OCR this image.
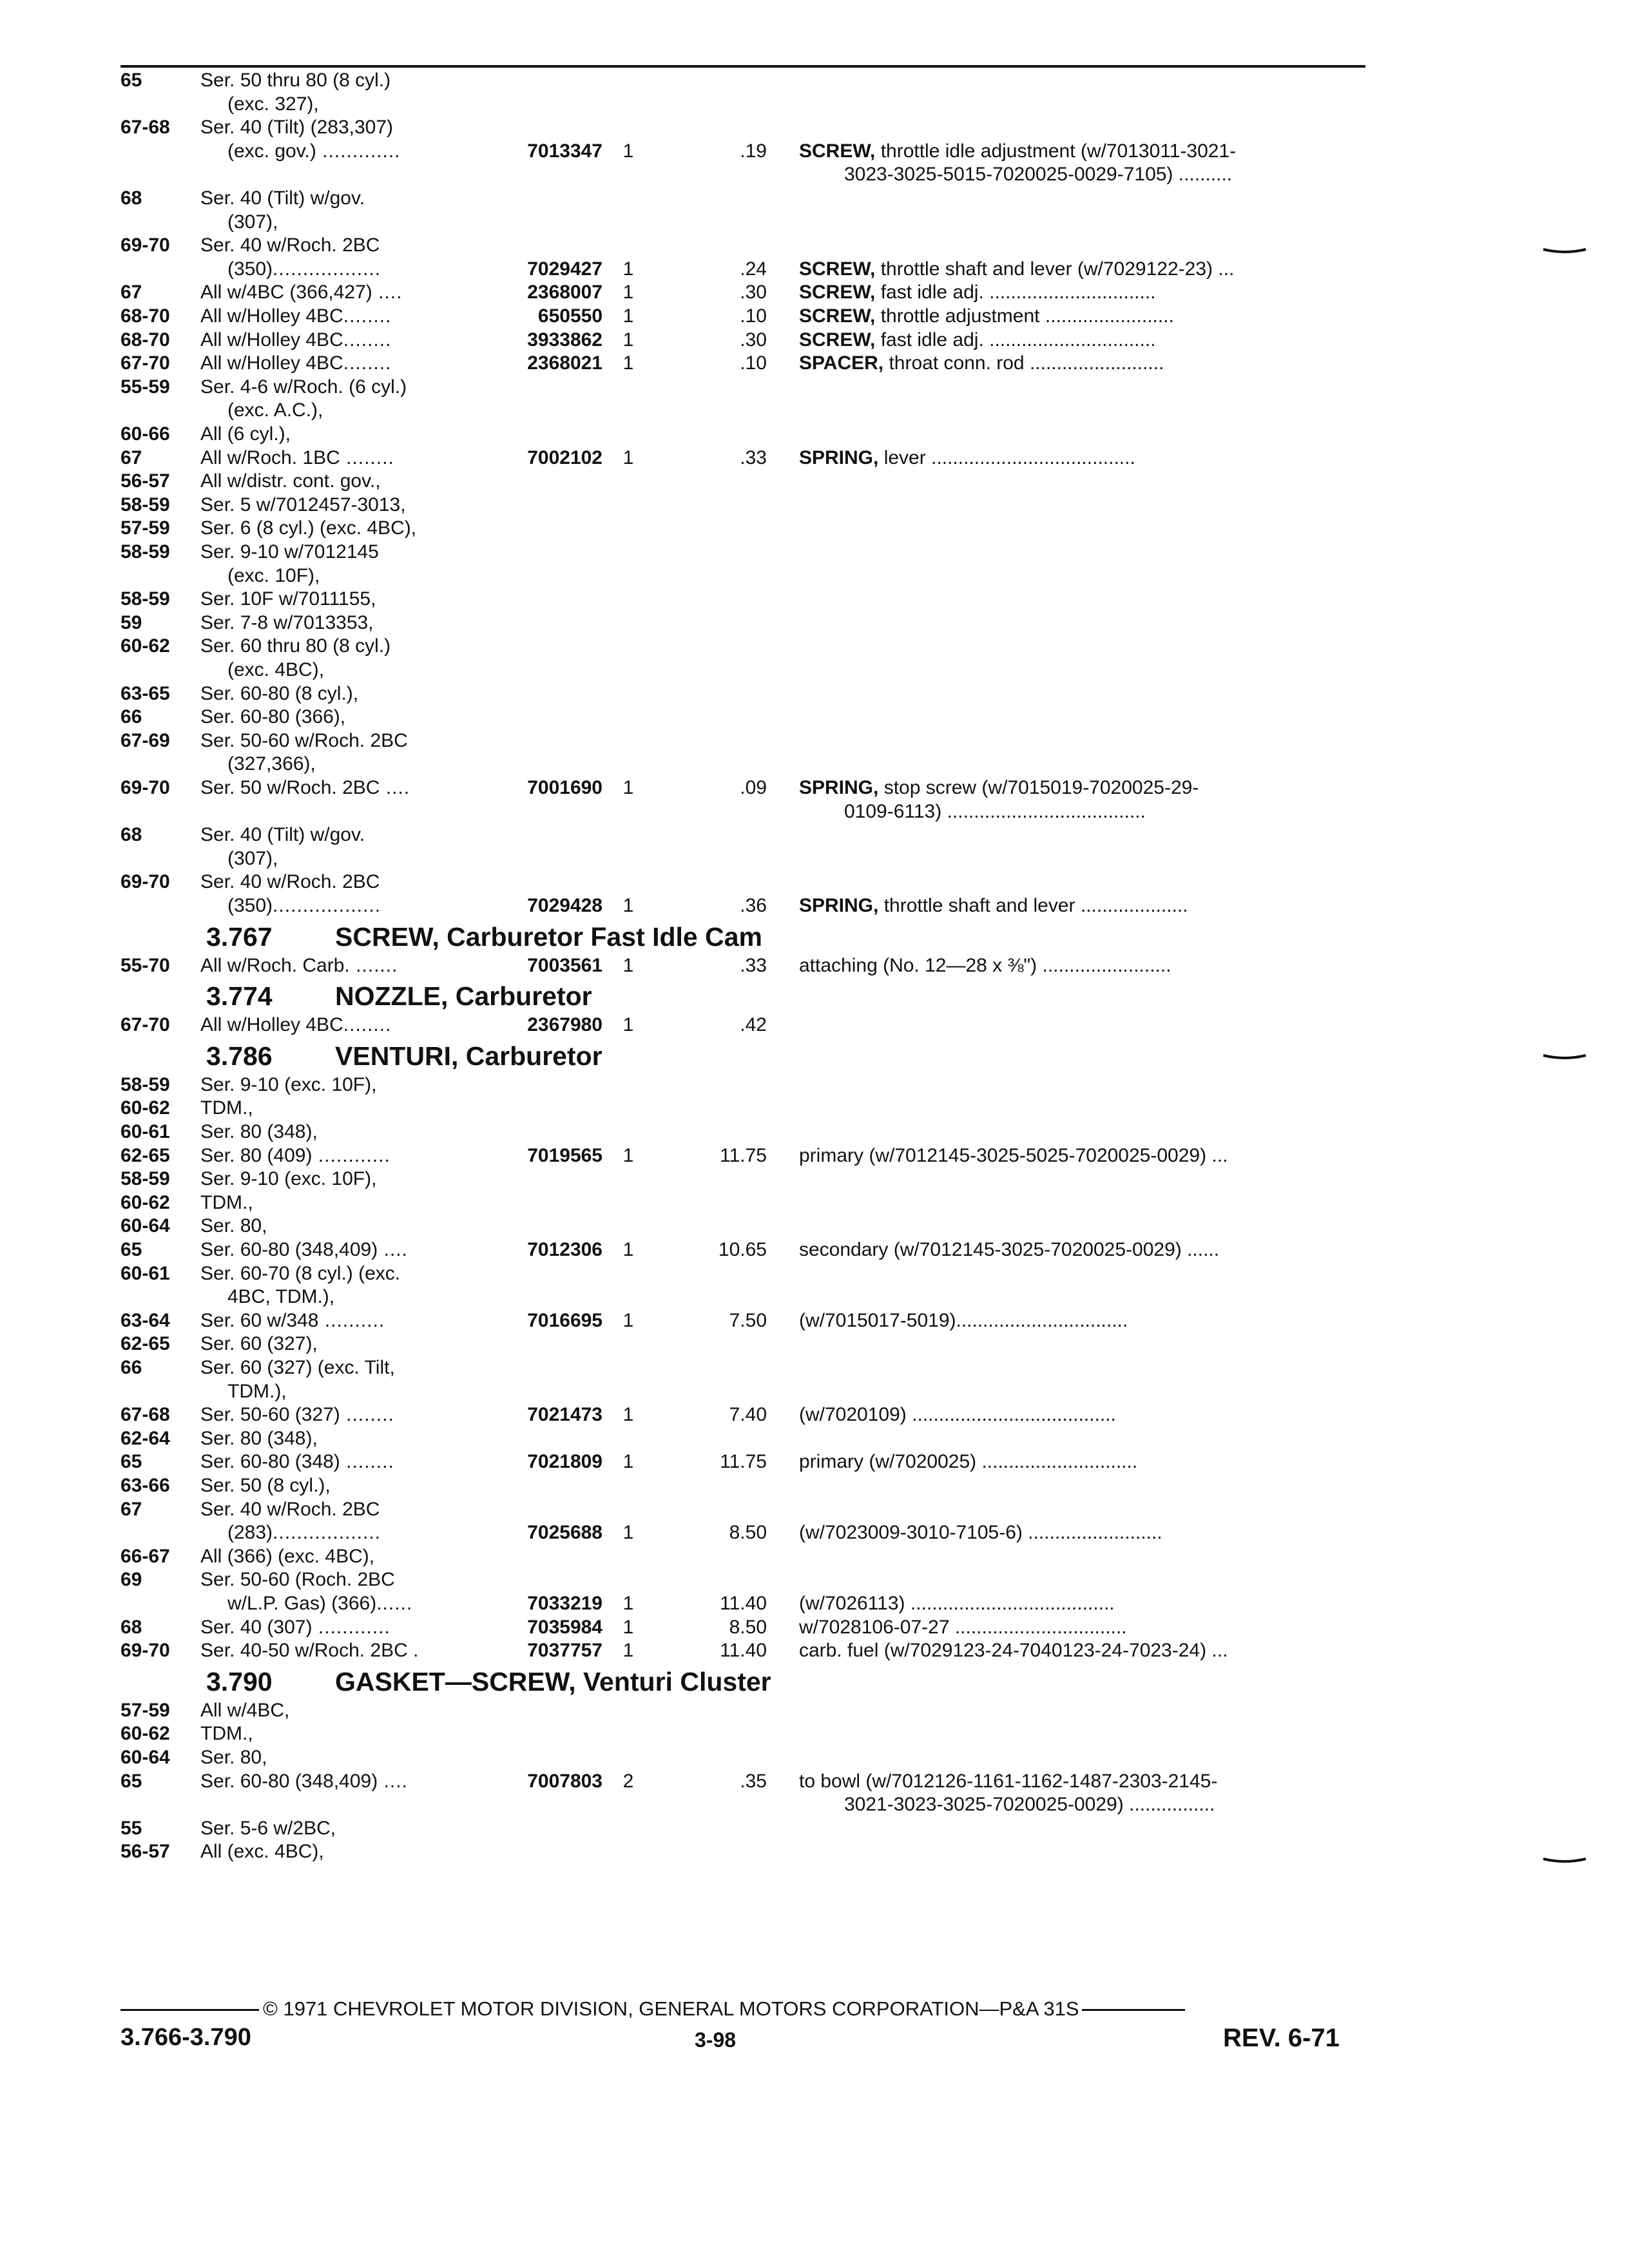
65	Ser. 50 thru 80 (8 cyl.)
(exc. 327),
67-68 Ser. 40 (Tilt) (283,307)
(exc. gov.) .............	7013347	1	.19 SCREW, throttle idle adjustment (w/7013011-3021-
3023-3025-5015-7020025-0029-7105) ..........
68	Ser. 40 (Tilt) w/gov.
(307),
69-70 Ser. 40 w/Roch. 2BC
(350)..................	7029427	1	.24 SCREW, throttle shaft and lever (w/7029122-23) ...
67	All w/4BC (366,427) ....	2368007	1	.30 SCREW, fast idle adj. ...............................
68-70 All w/Holley 4BC........	650550	1	.10 SCREW, throttle adjustment ........................
68-70 All w/Holley 4BC........	3933862	1	.30 SCREW, fast idle adj. ...............................
67-70 All w/Holley 4BC........	2368021	1	.10 SPACER, throat conn. rod .........................
55-59 Ser. 4-6 w/Roch. (6 cyl.)
(exc. A.C.),
60-66 All (6 cyl.),
67	All w/Roch. 1BC ........	7002102	1	.33 SPRING, lever ......................................
56-57 All w/distr. cont. gov.,
58-59 Ser. 5 w/7012457-3013,
57-59 Ser. 6 (8 cyl.) (exc. 4BC),
58-59 Ser. 9-10 w/7012145
(exc. 10F),
58-59 Ser. 10F w/7011155,
59	Ser. 7-8 w/7013353,
60-62 Ser. 60 thru 80 (8 cyl.)
(exc. 4BC),
63-65 Ser. 60-80 (8 cyl.),
66	Ser. 60-80 (366),
67-69 Ser. 50-60 w/Roch. 2BC
(327,366),
69-70 Ser. 50 w/Roch. 2BC ....	7001690	1	.09 SPRING, stop screw (w/7015019-7020025-29-
0109-6113) .....................................
68	Ser. 40 (Tilt) w/gov.
(307),
69-70 Ser. 40 w/Roch. 2BC
(350)..................	7029428	1	.36 SPRING, throttle shaft and lever ....................
3.767 SCREW, Carburetor Fast Idle Cam
55-70 All w/Roch. Carb. .......	7003561	1	.33 attaching (No. 12—28 x ⅜") ........................
3.774 NOZZLE, Carburetor
67-70 All w/Holley 4BC........	2367980	1	.42
3.786 VENTURI, Carburetor
58-59 Ser. 9-10 (exc. 10F),
60-62 TDM.,
60-61 Ser. 80 (348),
62-65 Ser. 80 (409) ............	7019565	1	11.75 primary (w/7012145-3025-5025-7020025-0029) ...
58-59 Ser. 9-10 (exc. 10F),
60-62 TDM.,
60-64 Ser. 80,
65	Ser. 60-80 (348,409) ....	7012306	1	10.65 secondary (w/7012145-3025-7020025-0029) ......
60-61 Ser. 60-70 (8 cyl.) (exc.
4BC, TDM.),
63-64 Ser. 60 w/348 ..........	7016695	1	7.50 (w/7015017-5019)................................
62-65 Ser. 60 (327),
66	Ser. 60 (327) (exc. Tilt,
TDM.),
67-68 Ser. 50-60 (327) ........	7021473	1	7.40 (w/7020109) ......................................
62-64 Ser. 80 (348),
65	Ser. 60-80 (348) ........	7021809	1	11.75 primary (w/7020025) .............................
63-66 Ser. 50 (8 cyl.),
67	Ser. 40 w/Roch. 2BC
(283)..................	7025688	1	8.50 (w/7023009-3010-7105-6) .........................
66-67 All (366) (exc. 4BC),
69	Ser. 50-60 (Roch. 2BC
w/L.P. Gas) (366)......	7033219	1	11.40 (w/7026113) ......................................
68	Ser. 40 (307) ............	7035984	1	8.50 w/7028106-07-27 ................................
69-70 Ser. 40-50 w/Roch. 2BC .	7037757	1	11.40 carb. fuel (w/7029123-24-7040123-24-7023-24) ...
3.790 GASKET—SCREW, Venturi Cluster
57-59 All w/4BC,
60-62 TDM.,
60-64 Ser. 80,
65	Ser. 60-80 (348,409) ....	7007803	2	.35 to bowl (w/7012126-1161-1162-1487-2303-2145-
3021-3023-3025-7020025-0029) ................
55	Ser. 5-6 w/2BC,
56-57 All (exc. 4BC),
© 1971 CHEVROLET MOTOR DIVISION, GENERAL MOTORS CORPORATION—P&A 31S
3.766-3.790	3-98	REV. 6-71
